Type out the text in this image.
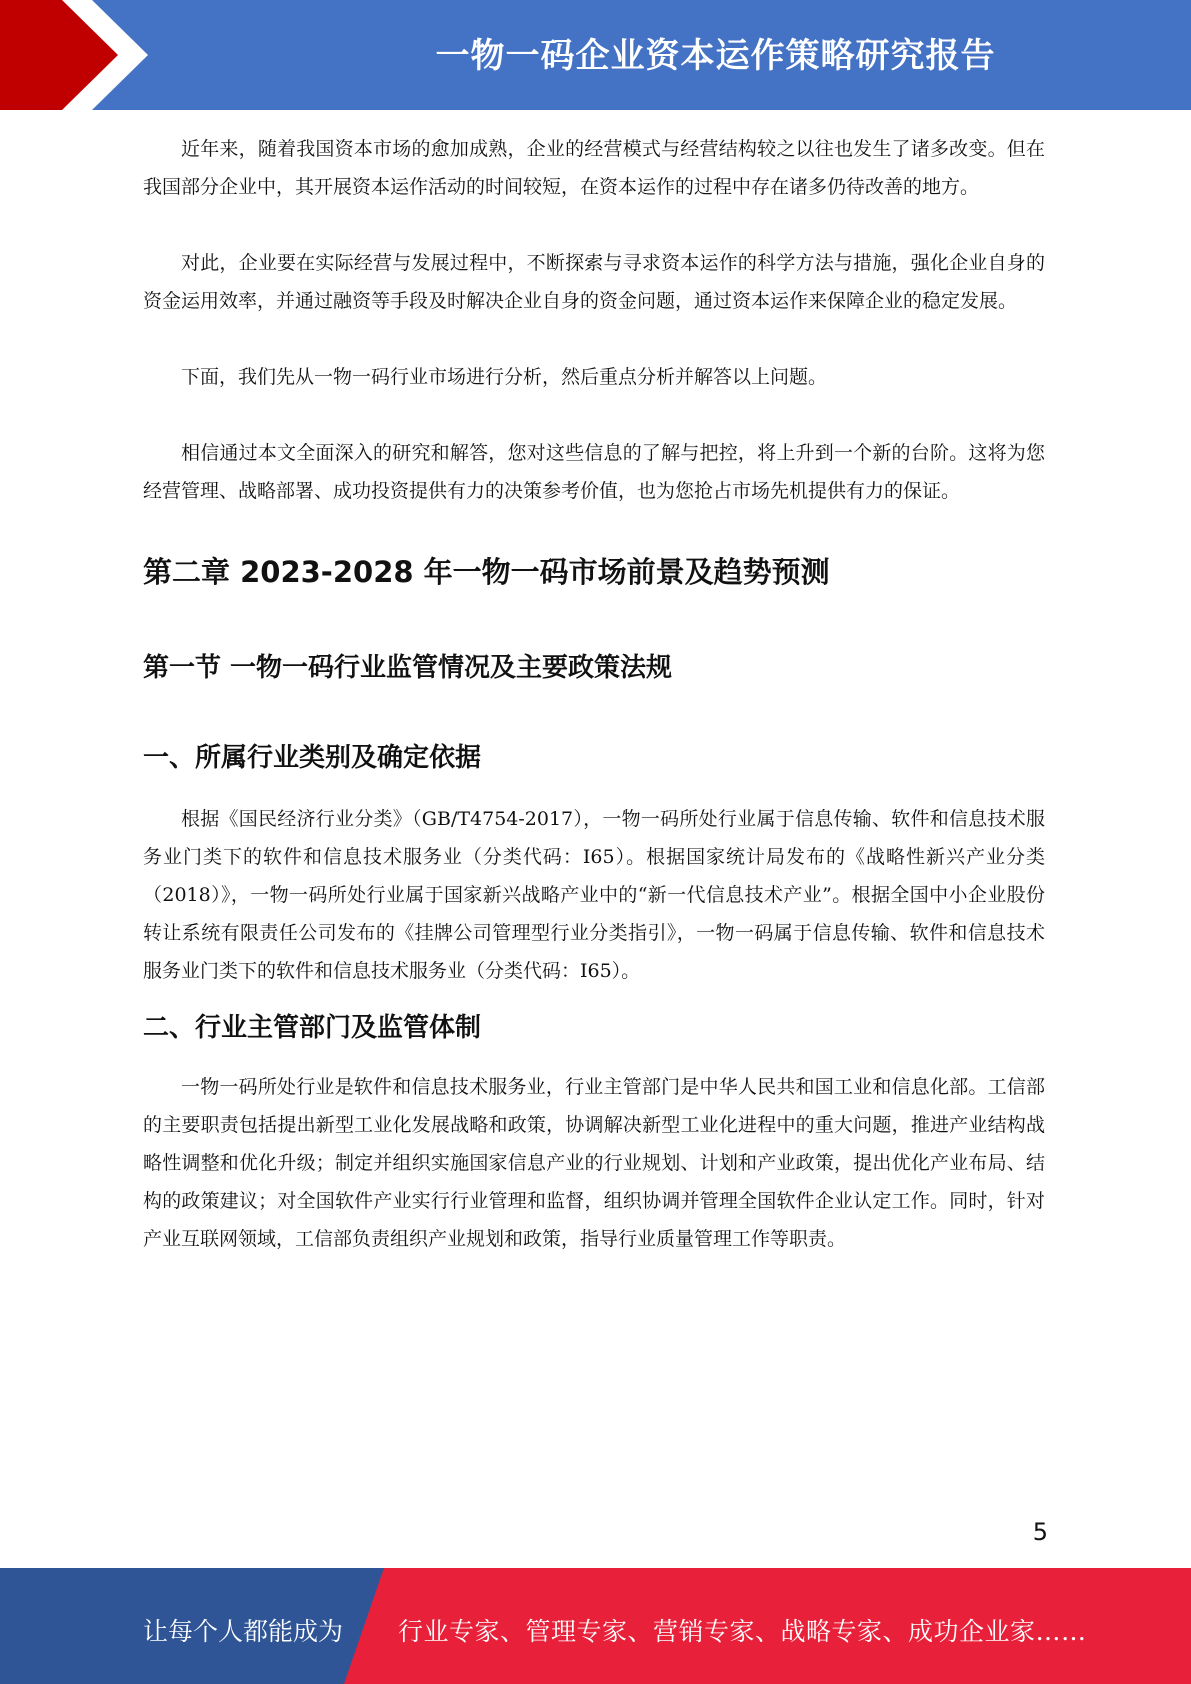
一物一码企业资本运作策略研究报告

近年来，随着我国资本市场的愈加成熟，企业的经营模式与经营结构较之以往也发生了诸多改变。但在我国部分企业中，其开展资本运作活动的时间较短，在资本运作的过程中存在诸多仍待改善的地方。

对此，企业要在实际经营与发展过程中，不断探索与寻求资本运作的科学方法与措施，强化企业自身的资金运用效率，并通过融资等手段及时解决企业自身的资金问题，通过资本运作来保障企业的稳定发展。

下面，我们先从一物一码行业市场进行分析，然后重点分析并解答以上问题。

相信通过本文全面深入的研究和解答，您对这些信息的了解与把控，将上升到一个新的台阶。这将为您经营管理、战略部署、成功投资提供有力的决策参考价值，也为您抢占市场先机提供有力的保证。

第二章 2023-2028 年一物一码市场前景及趋势预测
第一节 一物一码行业监管情况及主要政策法规
一、所属行业类别及确定依据

根据《国民经济行业分类》（GB/T4754-2017），一物一码所处行业属于信息传输、软件和信息技术服务业门类下的软件和信息技术服务业（分类代码：I65）。根据国家统计局发布的《战略性新兴产业分类（2018）》，一物一码所处行业属于国家新兴战略产业中的“新一代信息技术产业”。根据全国中小企业股份转让系统有限责任公司发布的《挂牌公司管理型行业分类指引》，一物一码属于信息传输、软件和信息技术服务业门类下的软件和信息技术服务业（分类代码：I65）。

二、行业主管部门及监管体制

一物一码所处行业是软件和信息技术服务业，行业主管部门是中华人民共和国工业和信息化部。工信部的主要职责包括提出新型工业化发展战略和政策，协调解决新型工业化进程中的重大问题，推进产业结构战略性调整和优化升级；制定并组织实施国家信息产业的行业规划、计划和产业政策，提出优化产业布局、结构的政策建议；对全国软件产业实行行业管理和监督，组织协调并管理全国软件企业认定工作。同时，针对产业互联网领域，工信部负责组织产业规划和政策，指导行业质量管理工作等职责。

5
让每个人都能成为 行业专家、管理专家、营销专家、战略专家、成功企业家……
